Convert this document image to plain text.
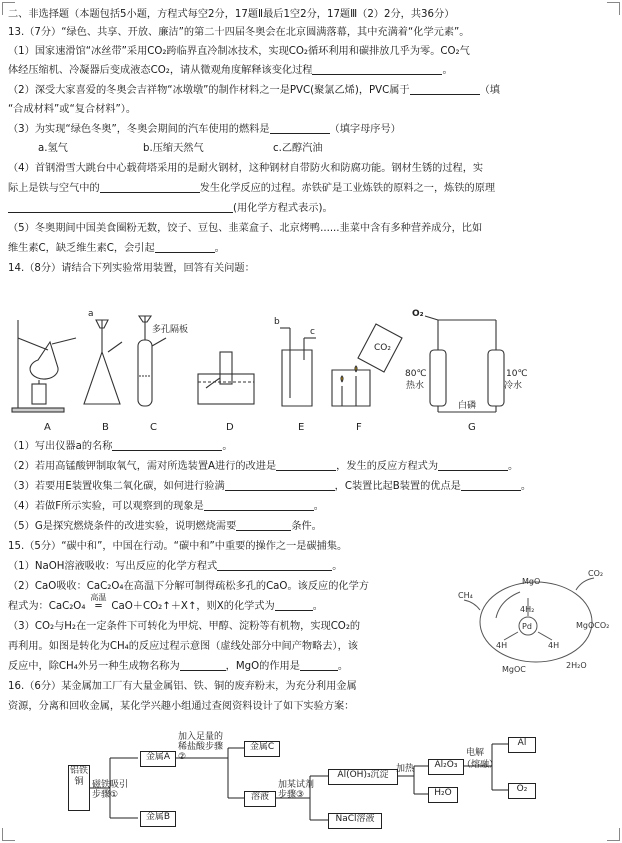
二、非选择题（本题包括5小题，方程式每空2分，17题Ⅱ最后1空2分，17题Ⅲ（2）2分，共36分）
13.（7分）“绿色、共享、开放、廉洁”的第二十四届冬奥会在北京圆满落幕，其中充满着“化学元素”。
（1）国家速滑馆“冰丝带”采用CO₂跨临界直冷制冰技术，实现CO₂循环利用和碳排放几乎为零。CO₂气
体经压缩机、冷凝器后变成液态CO₂，请从微观角度解释该变化过程	。
（2）深受大家喜爱的冬奥会吉祥物“冰墩墩”的制作材料之一是PVC(聚氯乙烯)，PVC属于	（填
“合成材料”或“复合材料”）。
（3）为实现“绿色冬奥”，冬奥会期间的汽车使用的燃料是	（填字母序号）
a.氢气	b.压缩天然气	c.乙醇汽油
（4）首钢滑雪大跳台中心载荷塔采用的是耐火钢材，这种钢材自带防火和防腐功能。钢材生锈的过程，实
际上是铁与空气中的	发生化学反应的过程。赤铁矿是工业炼铁的原料之一，炼铁的原理
(用化学方程式表示)。
（5）冬奥期间中国美食圈粉无数，饺子、豆包、韭菜盒子、北京烤鸭......韭菜中含有多种营养成分，比如
维生素C，缺乏维生素C，会引起	。
14.（8分）请结合下列实验常用装置，回答有关问题：
a
b
c
多孔隔板
CO₂
O₂
80℃
热水
10℃
冷水
白磷
A	B	C	D	E	F	G
（1）写出仪器a的名称	。
（2）若用高锰酸钾制取氧气，需对所选装置A进行的改进是	，发生的反应方程式为	。
（3）若要用E装置收集二氧化碳，如何进行验满	，C装置比起B装置的优点是	。
（4）若做F所示实验，可以观察到的现象是	。
（5）G是探究燃烧条件的改进实验，说明燃烧需要	条件。
15.（5分）“碳中和”，中国在行动。“碳中和”中重要的操作之一是碳捕集。
（1）NaOH溶液吸收：写出反应的化学方程式	。
（2）CaO吸收：CaC₂O₄在高温下分解可制得疏松多孔的CaO。该反应的化学方
程式为：CaC₂O₄
高温
═ CaO＋CO₂↑＋X↑，则X的化学式为	。
（3）CO₂与H₂在一定条件下可转化为甲烷、甲醇、淀粉等有机物，实现CO₂的
再利用。如图是转化为CH₄的反应过程示意图（虚线处部分中间产物略去），该
反应中，除CH₄外另一种生成物名称为	，MgO的作用是	。
MgO
CO₂
4H₂
Pd
4H	4H
MgOCO₂
MgOC
CH₄
2H₂O
16.（6分）某金属加工厂有大量金属铝、铁、铜的废弃粉末，为充分利用金属
资源，分离和回收金属，某化学兴趣小组通过查阅资料设计了如下实验方案：
铝铁铜 磁铁吸引步骤①
金属A
金属B
加入足量的稀盐酸步骤②
金属C
溶液
加某试剂步骤③
Al(OH)₃沉淀
NaCl溶液
加热	Al₂O₃
H₂O
电解
（熔融）
Al
O₂
